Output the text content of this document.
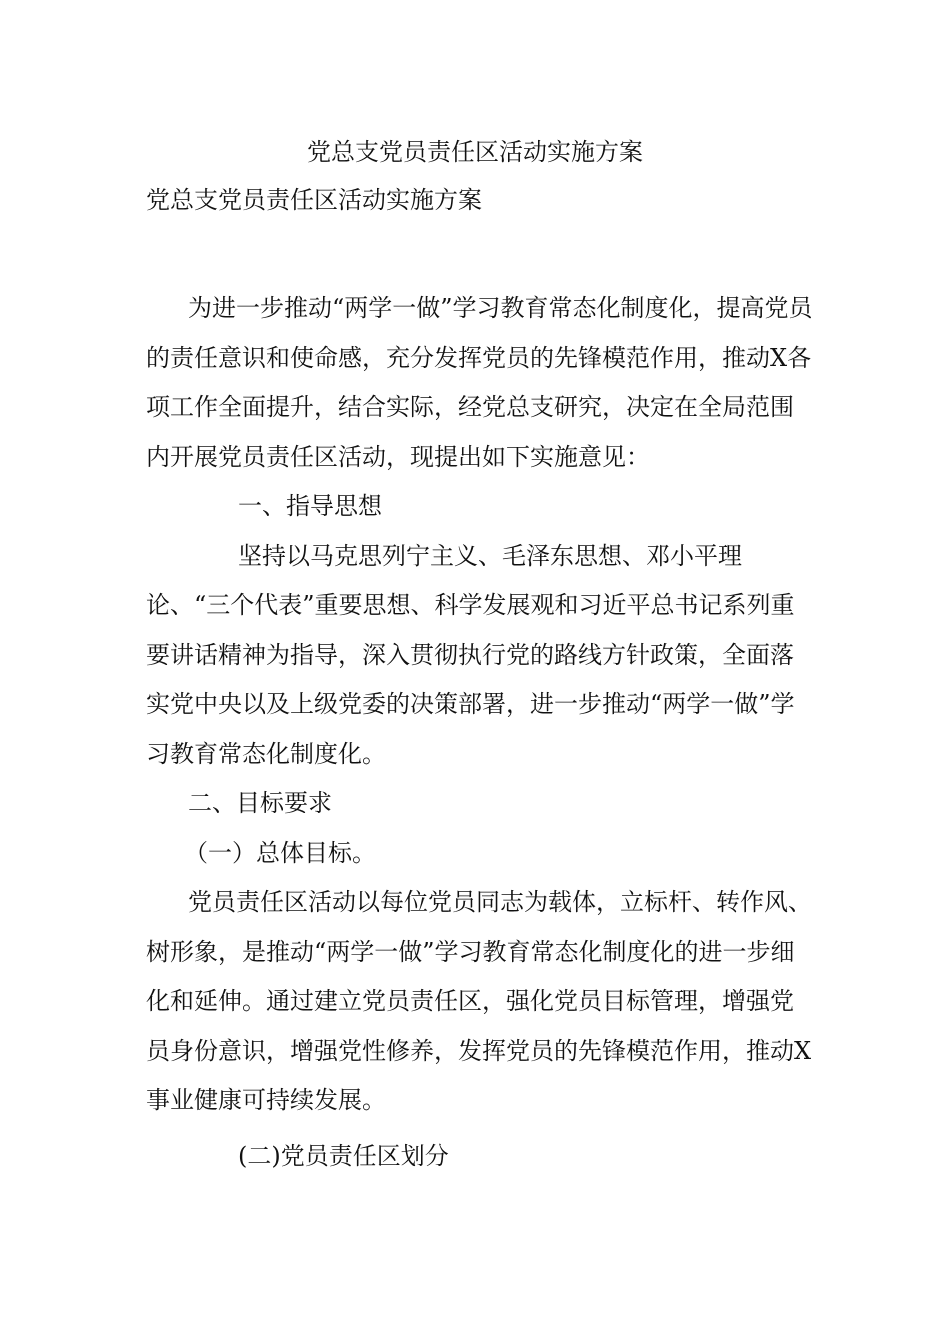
党总支党员责任区活动实施方案
党总支党员责任区活动实施方案

为进一步推动“两学一做”学习教育常态化制度化，提高党员的责任意识和使命感，充分发挥党员的先锋模范作用，推动X各项工作全面提升，结合实际，经党总支研究，决定在全局范围内开展党员责任区活动，现提出如下实施意见：

一、指导思想

坚持以马克思列宁主义、毛泽东思想、邓小平理论、“三个代表”重要思想、科学发展观和习近平总书记系列重要讲话精神为指导，深入贯彻执行党的路线方针政策，全面落实党中央以及上级党委的决策部署，进一步推动“两学一做”学习教育常态化制度化。

二、目标要求

（一）总体目标。

党员责任区活动以每位党员同志为载体，立标杆、转作风、树形象，是推动“两学一做”学习教育常态化制度化的进一步细化和延伸。通过建立党员责任区，强化党员目标管理，增强党员身份意识，增强党性修养，发挥党员的先锋模范作用，推动X事业健康可持续发展。

(二)党员责任区划分
